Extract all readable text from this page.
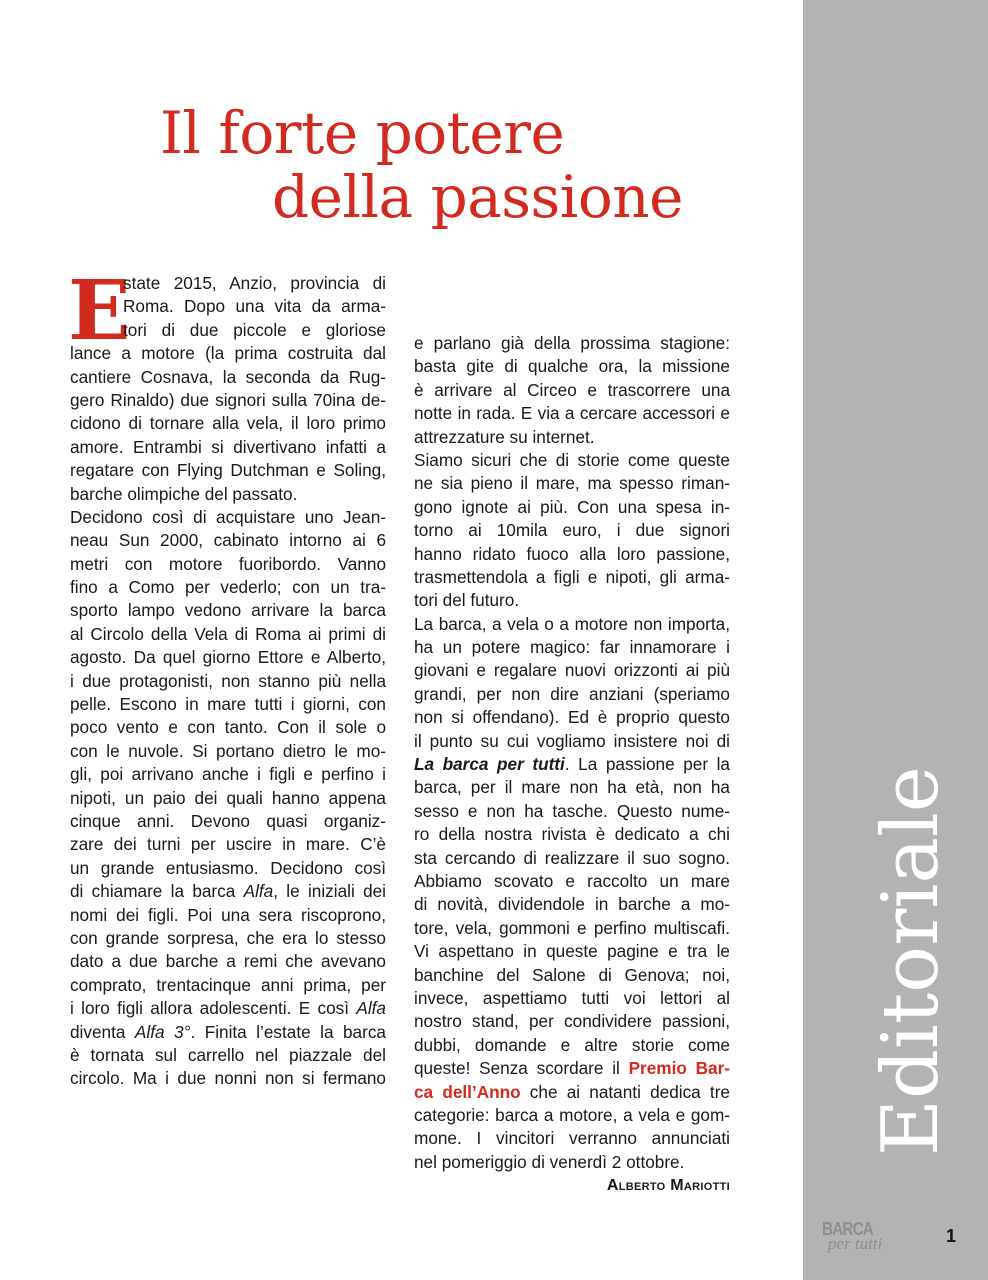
Editoriale
BARCA
per tutti	1
Il forte potere
della passione
E
state 2015, Anzio, provincia di
Roma. Dopo una vita da arma-
tori di due piccole e gloriose
lance a motore (la prima costruita dal
cantiere Cosnava, la seconda da Rug-
gero Rinaldo) due signori sulla 70ina de-
cidono di tornare alla vela, il loro primo
amore. Entrambi si divertivano infatti a
regatare con Flying Dutchman e Soling,
barche olimpiche del passato.
Decidono così di acquistare uno Jean-
neau Sun 2000, cabinato intorno ai 6
metri con motore fuoribordo. Vanno
fino a Como per vederlo; con un tra-
sporto lampo vedono arrivare la barca
al Circolo della Vela di Roma ai primi di
agosto. Da quel giorno Ettore e Alberto,
i due protagonisti, non stanno più nella
pelle. Escono in mare tutti i giorni, con
poco vento e con tanto. Con il sole o
con le nuvole. Si portano dietro le mo-
gli, poi arrivano anche i figli e perfino i
nipoti, un paio dei quali hanno appena
cinque anni. Devono quasi organiz-
zare dei turni per uscire in mare. C’è
un grande entusiasmo. Decidono così
di chiamare la barca Alfa, le iniziali dei
nomi dei figli. Poi una sera riscoprono,
con grande sorpresa, che era lo stesso
dato a due barche a remi che avevano
comprato, trentacinque anni prima, per
i loro figli allora adolescenti. E così Alfa
diventa Alfa 3°. Finita l’estate la barca
è tornata sul carrello nel piazzale del
circolo. Ma i due nonni non si fermano
e parlano già della prossima stagione:
basta gite di qualche ora, la missione
è arrivare al Circeo e trascorrere una
notte in rada. E via a cercare accessori e
attrezzature su internet.
Siamo sicuri che di storie come queste
ne sia pieno il mare, ma spesso riman-
gono ignote ai più. Con una spesa in-
torno ai 10mila euro, i due signori
hanno ridato fuoco alla loro passione,
trasmettendola a figli e nipoti, gli arma-
tori del futuro.
La barca, a vela o a motore non importa,
ha un potere magico: far innamorare i
giovani e regalare nuovi orizzonti ai più
grandi, per non dire anziani (speriamo
non si offendano). Ed è proprio questo
il punto su cui vogliamo insistere noi di
La barca per tutti. La passione per la
barca, per il mare non ha età, non ha
sesso e non ha tasche. Questo nume-
ro della nostra rivista è dedicato a chi
sta cercando di realizzare il suo sogno.
Abbiamo scovato e raccolto un mare
di novità, dividendole in barche a mo-
tore, vela, gommoni e perfino multiscafi.
Vi aspettano in queste pagine e tra le
banchine del Salone di Genova; noi,
invece, aspettiamo tutti voi lettori al
nostro stand, per condividere passioni,
dubbi, domande e altre storie come
queste! Senza scordare il Premio Bar-
ca dell’Anno che ai natanti dedica tre
categorie: barca a motore, a vela e gom-
mone. I vincitori verranno annunciati
nel pomeriggio di venerdì 2 ottobre.
Alberto Mariotti
